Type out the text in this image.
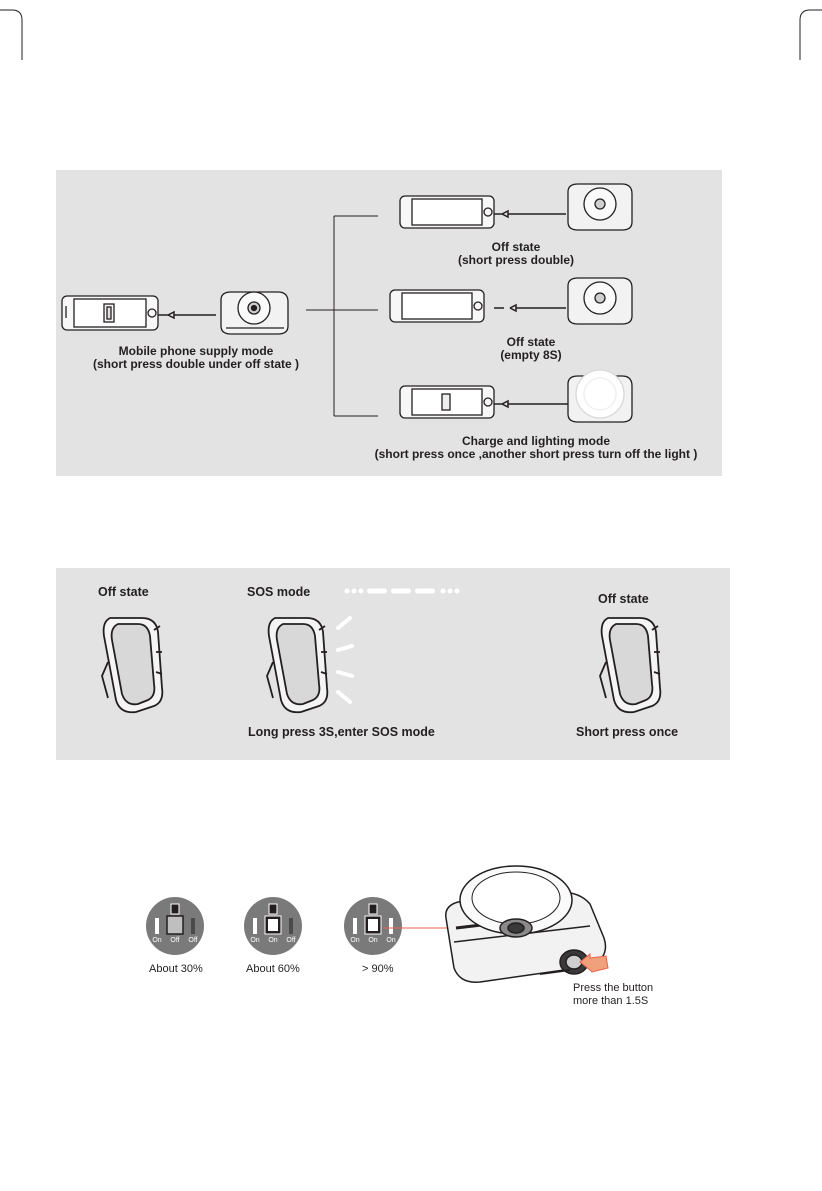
Mobile phone supply mode
(short press double under off state )
Off state
(short press double)
Off state
(empty 8S)
Charge and lighting mode
(short press once ,another short press turn off the light )
Off state	SOS mode	Off state
Long press 3S,enter SOS mode	Short press once
On Off Off
About 30%
On On Off
About 60%
On On On
> 90%
Press the button
more than 1.5S
